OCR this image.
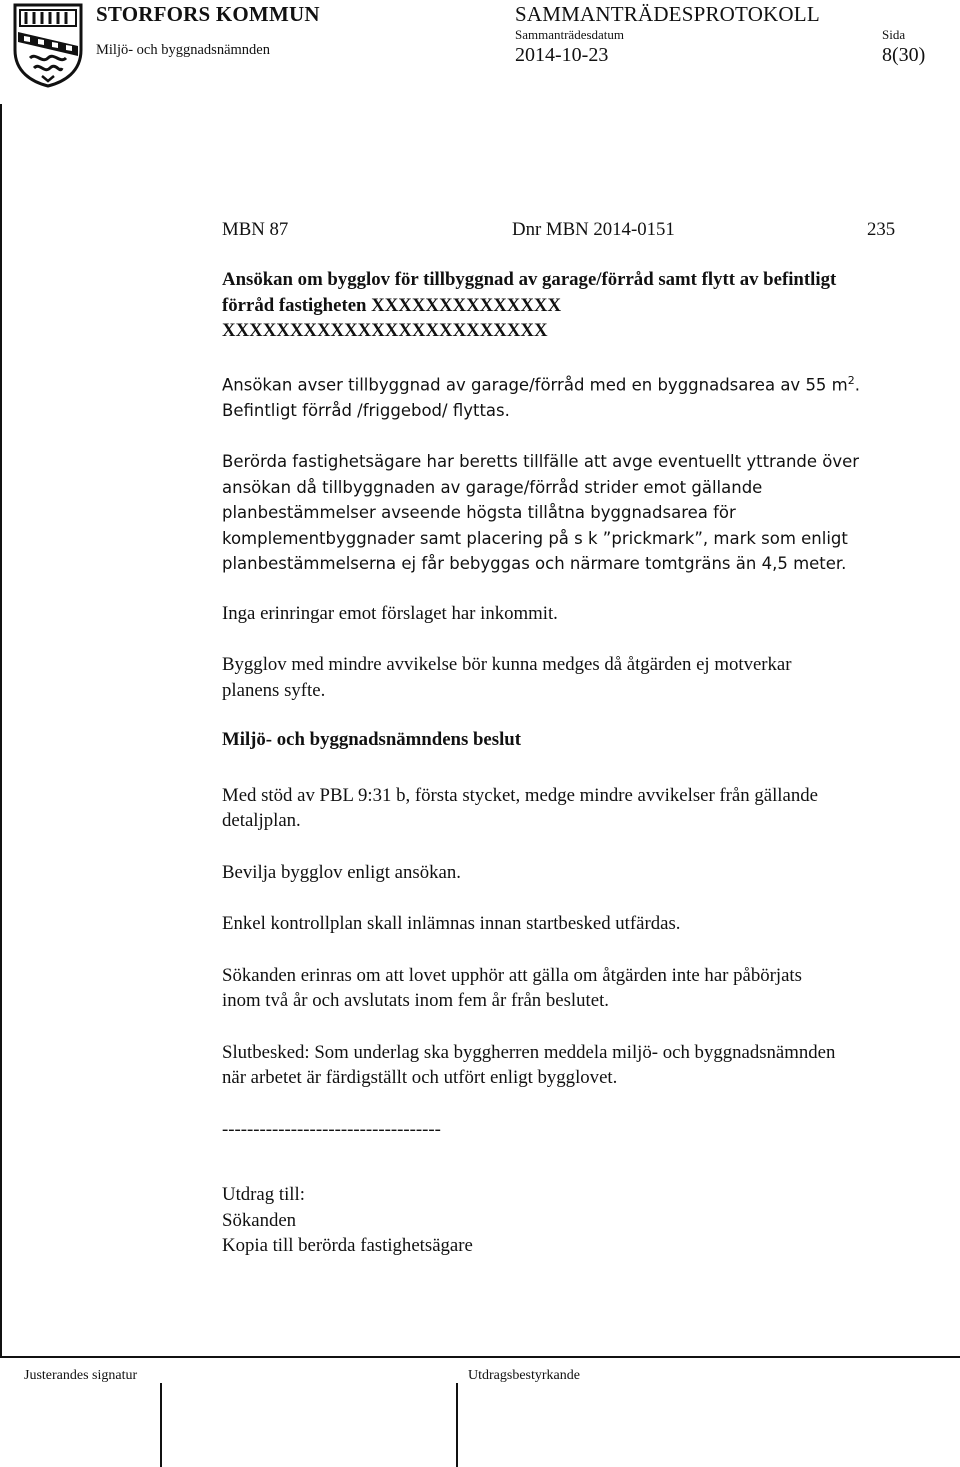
STORFORS KOMMUN
Miljö- och byggnadsnämnden
SAMMANTRÄDESPROTOKOLL
Sammanträdesdatum
2014-10-23
Sida
8(30)
MBN 87	Dnr MBN 2014-0151	235

Ansökan om bygglov för tillbyggnad av garage/förråd samt flytt av befintligt

förråd fastigheten XXXXXXXXXXXXXX

XXXXXXXXXXXXXXXXXXXXXXXX

Ansökan avser tillbyggnad av garage/förråd med en byggnadsarea av 55 $m^2$.

Befintligt förråd /friggebod/ flyttas.

Berörda fastighetsägare har beretts tillfälle att avge eventuellt yttrande över

ansökan då tillbyggnaden av garage/förråd strider emot gällande

planbestämmelser avseende högsta tillåtna byggnadsarea för

komplementbyggnader samt placering på s k ”prickmark”, mark som enligt

planbestämmelserna ej får bebyggas och närmare tomtgräns än 4,5 meter.

Inga erinringar emot förslaget har inkommit.

Bygglov med mindre avvikelse bör kunna medges då åtgärden ej motverkar

planens syfte.

Miljö- och byggnadsnämndens beslut

Med stöd av PBL 9:31 b, första stycket, medge mindre avvikelser från gällande

detaljplan.

Bevilja bygglov enligt ansökan.

Enkel kontrollplan skall inlämnas innan startbesked utfärdas.

Sökanden erinras om att lovet upphör att gälla om åtgärden inte har påbörjats

inom två år och avslutats inom fem år från beslutet.

Slutbesked: Som underlag ska byggherren meddela miljö- och byggnadsnämnden

när arbetet är färdigställt och utfört enligt bygglovet.

-----------------------------------

Utdrag till:

Sökanden

Kopia till berörda fastighetsägare

Justerandes signatur	Utdragsbestyrkande
